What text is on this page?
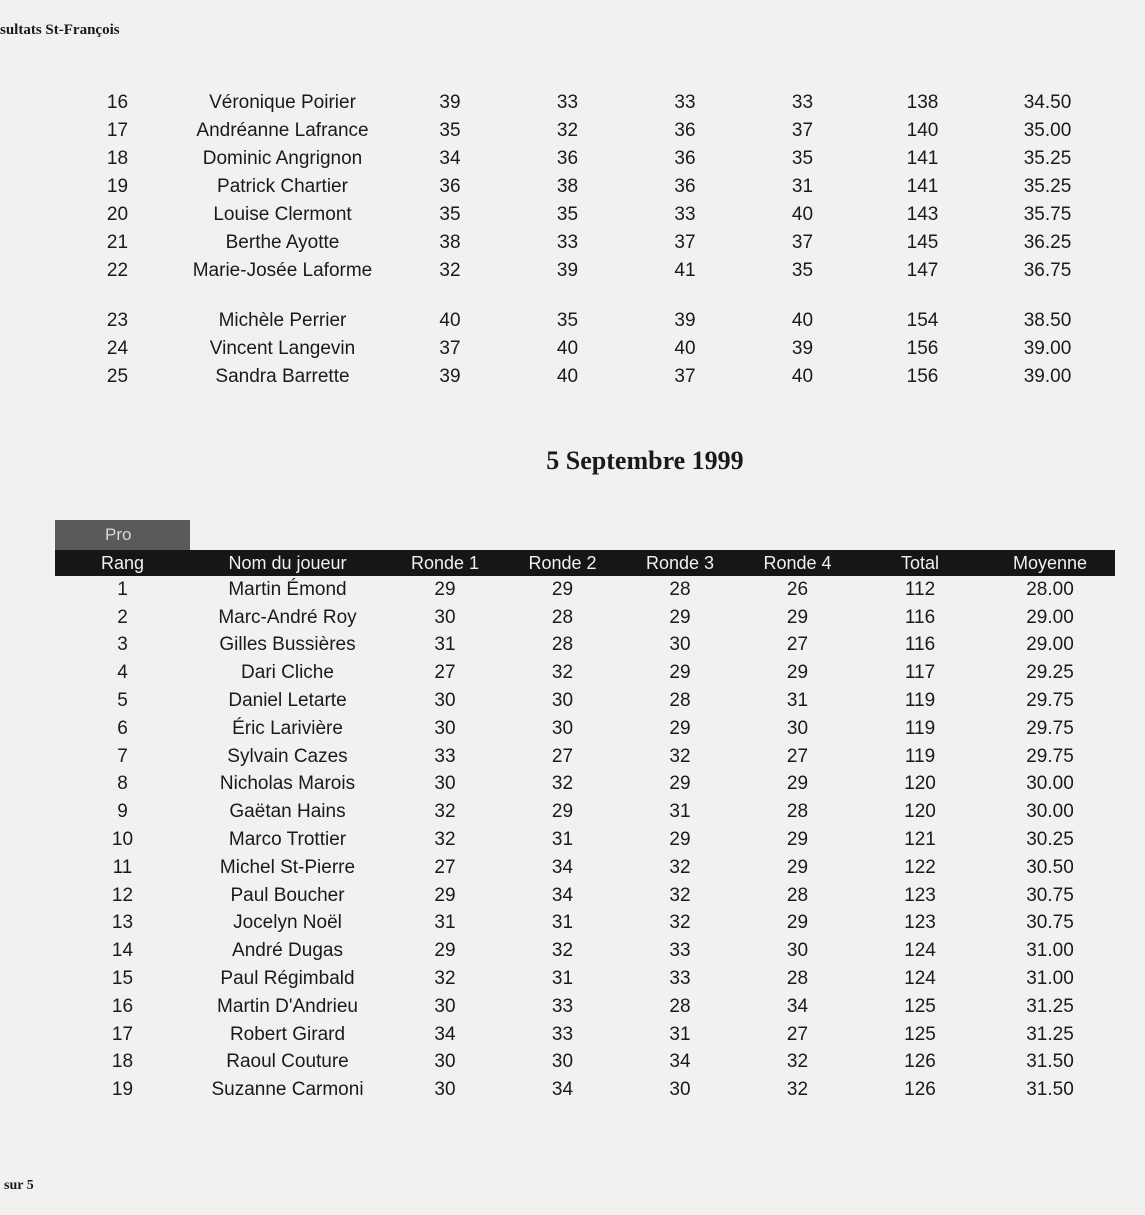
sultats St-François
16	Véronique Poirier	39	33	33	33	138	34.50
17	Andréanne Lafrance	35	32	36	37	140	35.00
18	Dominic Angrignon	34	36	36	35	141	35.25
19	Patrick Chartier	36	38	36	31	141	35.25
20	Louise Clermont	35	35	33	40	143	35.75
21	Berthe Ayotte	38	33	37	37	145	36.25
22	Marie-Josée Laforme	32	39	41	35	147	36.75
23	Michèle Perrier	40	35	39	40	154	38.50
24	Vincent Langevin	37	40	40	39	156	39.00
25	Sandra Barrette	39	40	37	40	156	39.00
5 Septembre 1999
Pro
Rang	Nom du joueur	Ronde 1	Ronde 2	Ronde 3	Ronde 4	Total	Moyenne
1	Martin Émond	29	29	28	26	112	28.00
2	Marc-André Roy	30	28	29	29	116	29.00
3	Gilles Bussières	31	28	30	27	116	29.00
4	Dari Cliche	27	32	29	29	117	29.25
5	Daniel Letarte	30	30	28	31	119	29.75
6	Éric Larivière	30	30	29	30	119	29.75
7	Sylvain Cazes	33	27	32	27	119	29.75
8	Nicholas Marois	30	32	29	29	120	30.00
9	Gaëtan Hains	32	29	31	28	120	30.00
10	Marco Trottier	32	31	29	29	121	30.25
11	Michel St-Pierre	27	34	32	29	122	30.50
12	Paul Boucher	29	34	32	28	123	30.75
13	Jocelyn Noël	31	31	32	29	123	30.75
14	André Dugas	29	32	33	30	124	31.00
15	Paul Régimbald	32	31	33	28	124	31.00
16	Martin D'Andrieu	30	33	28	34	125	31.25
17	Robert Girard	34	33	31	27	125	31.25
18	Raoul Couture	30	30	34	32	126	31.50
19	Suzanne Carmoni	30	34	30	32	126	31.50
sur 5
